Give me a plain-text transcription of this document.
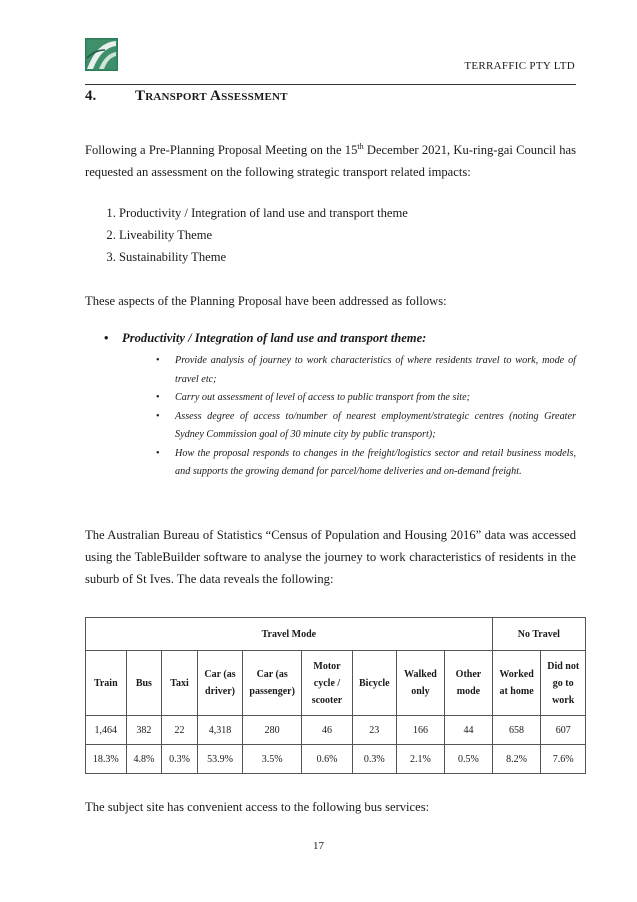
TERRAFFIC PTY LTD
4.	Transport Assessment
Following a Pre-Planning Proposal Meeting on the 15th December 2021, Ku-ring-gai Council has requested an assessment on the following strategic transport related impacts:
1. Productivity / Integration of land use and transport theme
2. Liveability Theme
3. Sustainability Theme
These aspects of the Planning Proposal have been addressed as follows:
• Productivity / Integration of land use and transport theme:
• Provide analysis of journey to work characteristics of where residents travel to work, mode of travel etc;
• Carry out assessment of level of access to public transport from the site;
• Assess degree of access to/number of nearest employment/strategic centres (noting Greater Sydney Commission goal of 30 minute city by public transport);
• How the proposal responds to changes in the freight/logistics sector and retail business models, and supports the growing demand for parcel/home deliveries and on-demand freight.
The Australian Bureau of Statistics “Census of Population and Housing 2016” data was accessed using the TableBuilder software to analyse the journey to work characteristics of residents in the suburb of St Ives. The data reveals the following:
Travel Mode									No Travel	
Train	Bus	Taxi	Car (as driver)	Car (as passenger)	Motor cycle / scooter	Bicycle	Walked only	Other mode	Worked at home	Did not go to work
1,464	382	22	4,318	280	46	23	166	44	658	607
18.3%	4.8%	0.3%	53.9%	3.5%	0.6%	0.3%	2.1%	0.5%	8.2%	7.6%
The subject site has convenient access to the following bus services:
17
